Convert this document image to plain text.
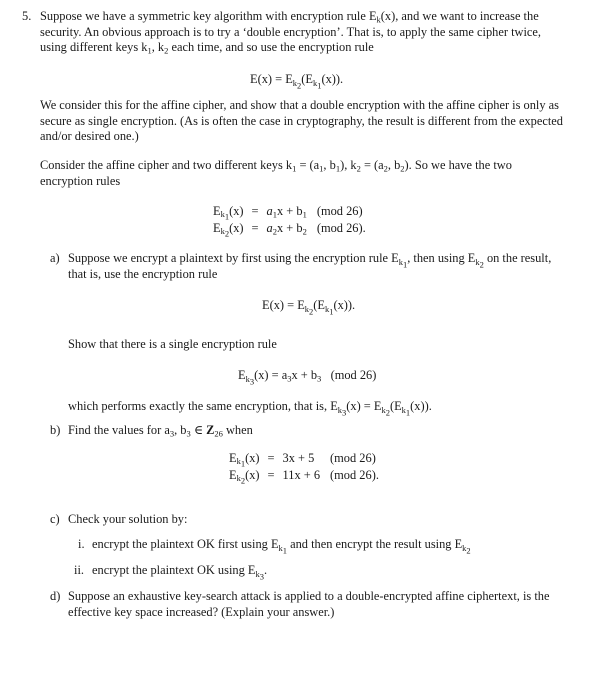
5. Suppose we have a symmetric key algorithm with encryption rule $E_k(x)$, and we want to increase the security. An obvious approach is to try a ‘double encryption’. That is, to apply the same cipher twice, using different keys $k_1$, $k_2$ each time, and so use the encryption rule
$E(x) = E_{k_2}(E_{k_1}(x))$.
We consider this for the affine cipher, and show that a double encryption with the affine cipher is only as secure as single encryption. (As is often the case in cryptography, the result is different from the expected and/or desired one.)
Consider the affine cipher and two different keys $k_1 = (a_1$, $b_1$), $k_2 = (a_2$, $b_2$). So we have the two encryption rules
$E_{k_1}(x)$	=	$a_1x + b_1$	(mod 26)
$E_{k_2}(x)$	=	$a_2x + b_2$	(mod 26).
a) Suppose we encrypt a plaintext by first using the encryption rule $E_{k_1}$, then using $E_{k_2}$ on the result, that is, use the encryption rule
$E(x) = E_{k_2}(E_{k_1}(x))$.
Show that there is a single encryption rule
$E_{k_3}(x) = a_3x + b_3$ (mod 26)
which performs exactly the same encryption, that is, $E_{k_3}(x) = E_{k_2}(E_{k_1}(x))$.
b) Find the values for $a_3$, $b_3$ ∈ $Z_{26}$ when
$E_{k_1}(x)$	=	3x + 5	(mod 26)
$E_{k_2}(x)$	=	11x + 6	(mod 26).
c) Check your solution by:
i. encrypt the plaintext OK first using $E_{k_1}$ and then encrypt the result using $E_{k_2}$
ii. encrypt the plaintext OK using $E_{k_3}$.
d) Suppose an exhaustive key-search attack is applied to a double-encrypted affine ciphertext, is the effective key space increased? (Explain your answer.)
